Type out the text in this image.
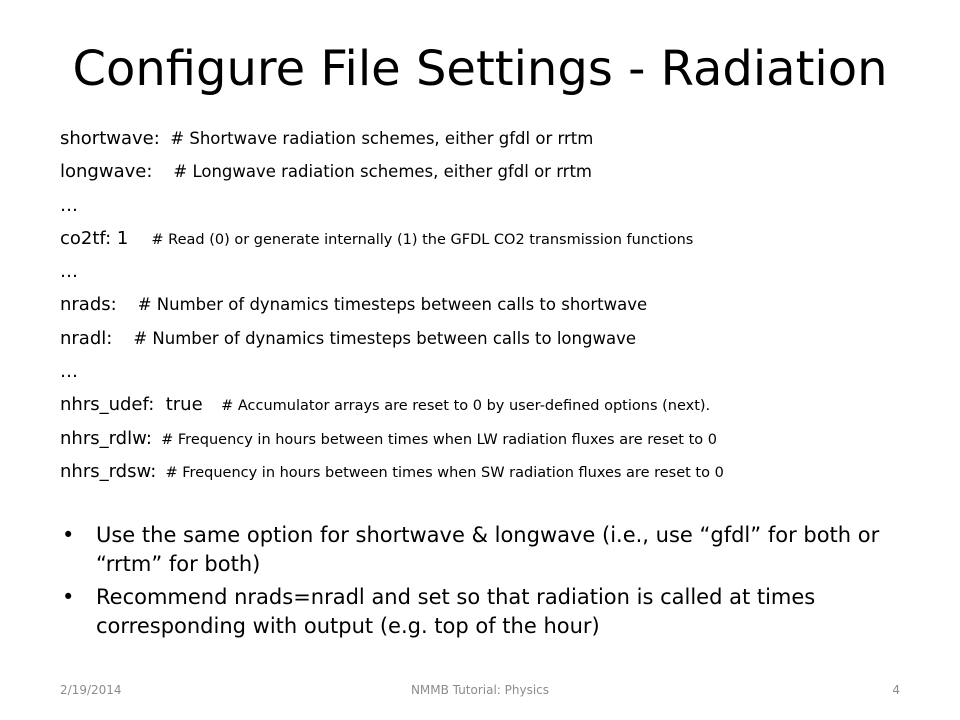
Configure File Settings - Radiation
shortwave:  # Shortwave radiation schemes, either gfdl or rrtm
longwave:    # Longwave radiation schemes, either gfdl or rrtm
…
co2tf: 1     # Read (0) or generate internally (1) the GFDL CO2 transmission functions
…
nrads:    # Number of dynamics timesteps between calls to shortwave
nradl:    # Number of dynamics timesteps between calls to longwave
…
nhrs_udef:  true    # Accumulator arrays are reset to 0 by user-defined options (next).
nhrs_rdlw:  # Frequency in hours between times when LW radiation fluxes are reset to 0
nhrs_rdsw:  # Frequency in hours between times when SW radiation fluxes are reset to 0
• Use the same option for shortwave & longwave (i.e., use “gfdl” for both or “rrtm” for both)
• Recommend nrads=nradl and set so that radiation is called at times corresponding with output (e.g. top of the hour)
2/19/2014	NMMB Tutorial: Physics	4
